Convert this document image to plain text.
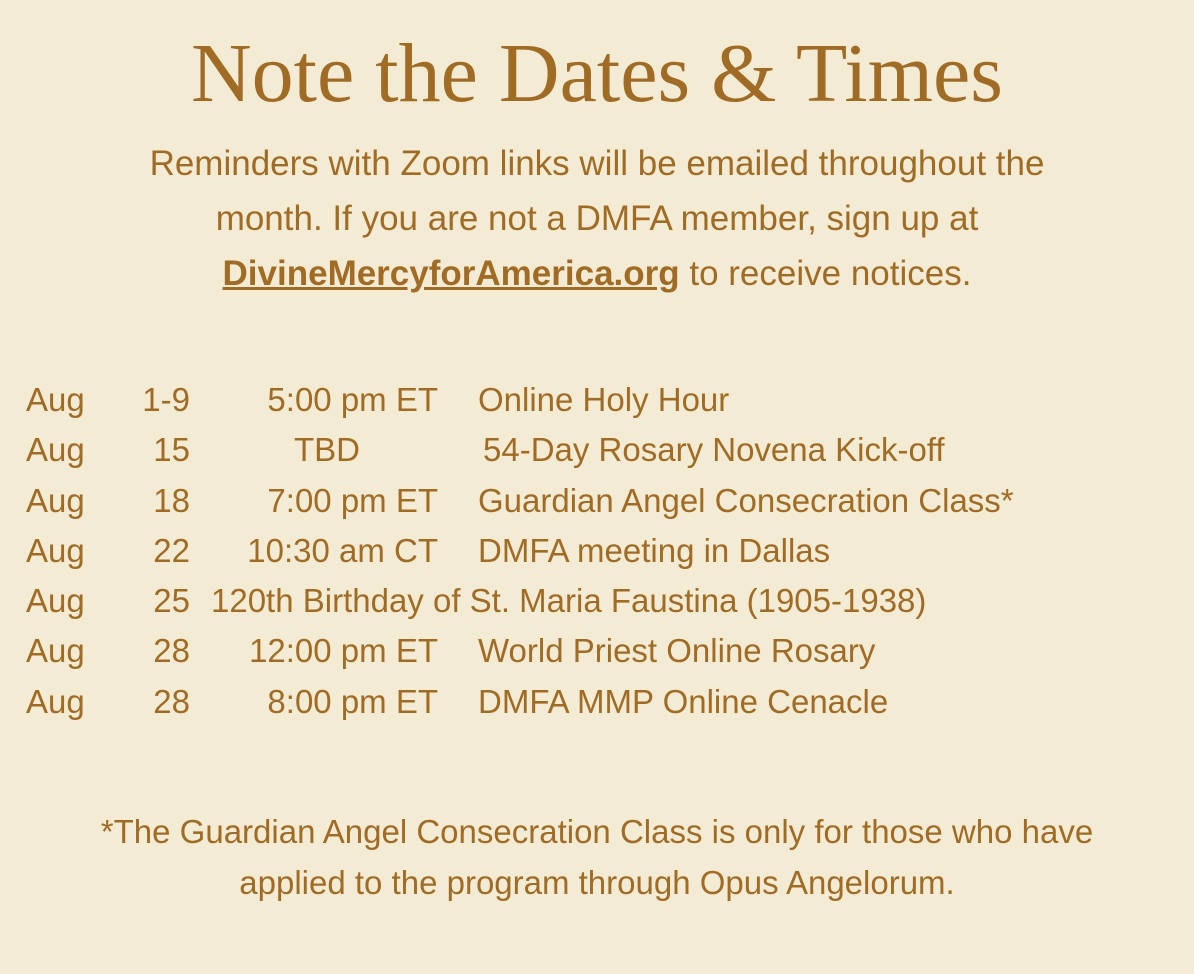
Note the Dates & Times

Reminders with Zoom links will be emailed throughout the
month. If you are not a DMFA member, sign up at
DivineMercyforAmerica.org to receive notices.

Aug	1-9	5:00 pm ET Online Holy Hour
Aug	15	TBD	54-Day Rosary Novena Kick-off
Aug	18	7:00 pm ET Guardian Angel Consecration Class*
Aug	22	10:30 am CT DMFA meeting in Dallas
Aug	25 120th Birthday of St. Maria Faustina (1905-1938)
Aug	28	12:00 pm ET World Priest Online Rosary
Aug	28	8:00 pm ET DMFA MMP Online Cenacle

*The Guardian Angel Consecration Class is only for those who have
applied to the program through Opus Angelorum.
